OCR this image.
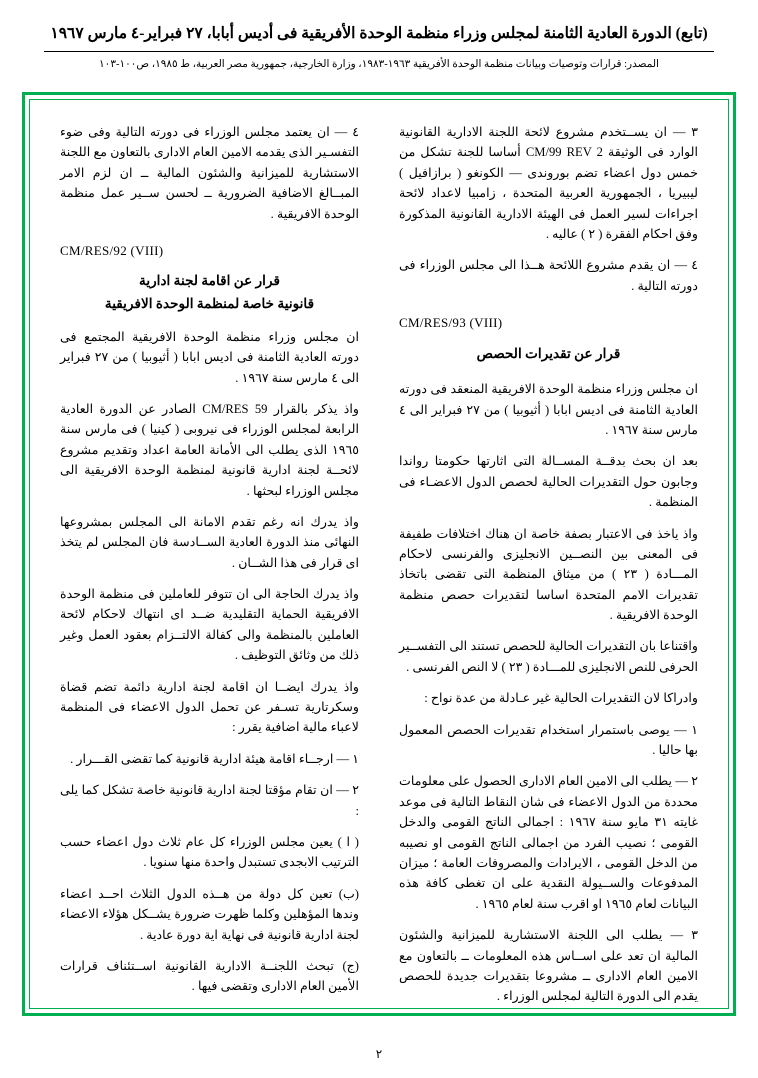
(تابع) الدورة العادية الثامنة لمجلس وزراء منظمة الوحدة الأفريقية فى أديس أبابا، ٢٧ فبراير-٤ مارس ١٩٦٧
المصدر: قرارات وتوصيات وبيانات منظمة الوحدة الأفريقية ١٩٦٣-١٩٨٣، وزارة الخارجية، جمهورية مصر العربية، ط ١٩٨٥، ص١٠٠-١٠٣

٣ — ان يســتخدم مشروع لائحة اللجنة الادارية القانونية الوارد فى الوثيقة CM/99 REV 2 أساسا للجنة تشكل من خمس دول اعضاء تضم بوروندى — الكونغو ( برازافيل ) ليبيريا ، الجمهورية العربية المتحدة ، زامبيا لاعداد لائحة اجراءات لسير العمل فى الهيئة الادارية القانونية المذكورة وفق احكام الفقرة ( ٢ ) عاليه .

٤ — ان يقدم مشروع اللائحة هــذا الى مجلس الوزراء فى دورته التالية .

CM/RES/93 (VIII)
قرار عن تقديرات الحصص

ان مجلس وزراء منظمة الوحدة الافريقية المنعقد فى دورته العادية الثامنة فى اديس ابابا ( أثيوبيا ) من ٢٧ فبراير الى ٤ مارس سنة ١٩٦٧ .

بعد ان بحث بدقــة المســالة التى اثارتها حكومتا رواندا وجابون حول التقديرات الحالية لحصص الدول الاعضـاء فى المنظمة .

واذ ياخذ فى الاعتبار بصفة خاصة ان هناك اختلافات طفيفة فى المعنى بين النصــين الانجليزى والفرنسى لاحكام المـــادة ( ٢٣ ) من ميثاق المنظمة التى تقضى باتخاذ تقديرات الامم المتحدة اساسا لتقديرات حصص منظمة الوحدة الافريقية .

واقتناعا بان التقديرات الحالية للحصص تستند الى التفســير الحرفى للنص الانجليزى للمـــادة ( ٢٣ ) لا النص الفرنسى .

وادراكا لان التقديرات الحالية غير عـادلة من عدة نواح :

١ — يوصى باستمرار استخدام تقديرات الحصص المعمول بها حاليا .

٢ — يطلب الى الامين العام الادارى الحصول على معلومات محددة من الدول الاعضاء فى شان النقاط التالية فى موعد غايته ٣١ مايو سنة ١٩٦٧ : اجمالى الناتج القومى والدخل القومى ؛ نصيب الفرد من اجمالى الناتج القومى او نصيبه من الدخل القومى ، الايرادات والمصروفات العامة ؛ ميزان المدفوعات والســيولة النقدية على ان تغطى كافة هذه البيانات لعام ١٩٦٥ او اقرب سنة لعام ١٩٦٥ .

٣ — يطلب الى اللجنة الاستشارية للميزانية والشئون المالية ان تعد على اســاس هذه المعلومات ــ بالتعاون مع الامين العام الادارى ــ مشروعا بتقديرات جديدة للحصص يقدم الى الدورة التالية لمجلس الوزراء .

٤ — ان يعتمد مجلس الوزراء فى دورته التالية وفى ضوء التفسـير الذى يقدمه الامين العام الادارى بالتعاون مع اللجنة الاستشارية للميزانية والشئون المالية ــ ان لزم الامر المبــالغ الاضافية الضرورية ــ لحسن ســير عمل منظمة الوحدة الافريقية .

CM/RES/92 (VIII)
قرار عن اقامة لجنة ادارية
قانونية خاصة لمنظمة الوحدة الافريقية

ان مجلس وزراء منظمة الوحدة الافريقية المجتمع فى دورته العادية الثامنة فى اديس ابابا ( أثيوبيا ) من ٢٧ فبراير الى ٤ مارس سنة ١٩٦٧ .

واذ يذكر بالقرار CM/RES 59 الصادر عن الدورة العادية الرابعة لمجلس الوزراء فى نيروبى ( كينيا ) فى مارس سنة ١٩٦٥ الذى يطلب الى الأمانة العامة اعداد وتقديم مشروع لائحــة لجنة ادارية قانونية لمنظمة الوحدة الافريقية الى مجلس الوزراء لبحثها .

واذ يدرك انه رغم تقدم الامانة الى المجلس بمشروعها النهائى منذ الدورة العادية الســادسة فان المجلس لم يتخذ اى قرار فى هذا الشــان .

واذ يدرك الحاجة الى ان تتوفر للعاملين فى منظمة الوحدة الافريقية الحماية التقليدية ضــد اى انتهاك لاحكام لائحة العاملين بالمنظمة والى كفالة الالتــزام بعقود العمل وغير ذلك من وثائق التوظيف .

واذ يدرك ايضــا ان اقامة لجنة ادارية دائمة تضم قضاة وسكرتارية تسـفر عن تحمل الدول الاعضاء فى المنظمة لاعباء مالية اضافية يقرر :

١ — ارجــاء اقامة هيئة ادارية قانونية كما تقضى القـــرار .

٢ — ان تقام مؤقتا لجنة ادارية قانونية خاصة تشكل كما يلى :

( ا ) يعين مجلس الوزراء كل عام ثلاث دول اعضاء حسب الترتيب الابجدى تستبدل واحدة منها سنويا .

(ب) تعين كل دولة من هــذه الدول الثلاث احــد اعضاء وندها المؤهلين وكلما ظهرت ضرورة يشــكل هؤلاء الاعضاء لجنة ادارية قانونية فى نهاية اية دورة عادية .

(ج) تبحث اللجنــة الادارية القانونية اســتئناف قرارات الأمين العام الادارى وتقضى فيها .

٢
